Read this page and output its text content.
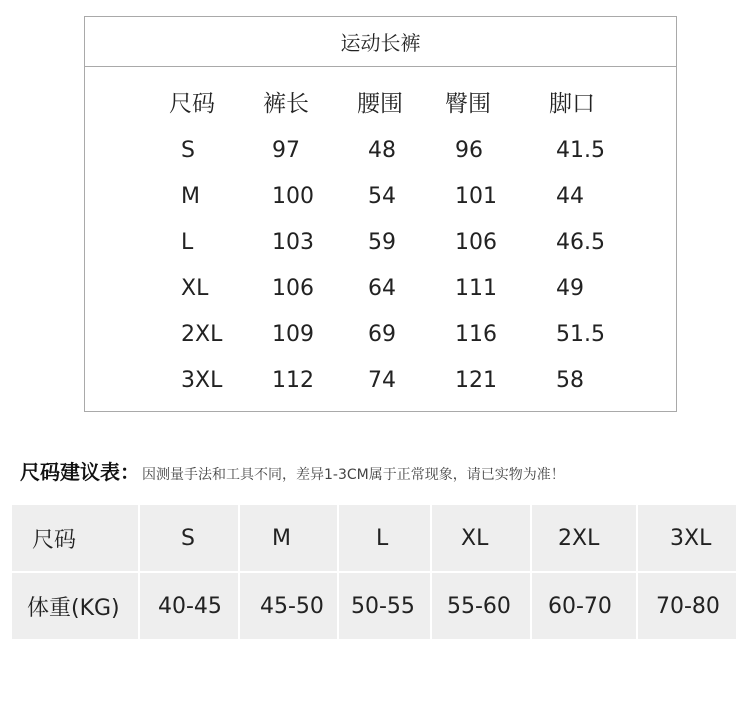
运动长裤
尺码 裤长 腰围 臀围	脚口
S	97	48	96	41.5
M	100 54	101	44
L	103 59	106	46.5
XL	106 64	111	49
2XL 109 69	116	51.5
3XL 112 74	121	58
尺码建议表： 因测量手法和工具不同，差异1-3CM属于正常现象，请已实物为准！
尺码	S	M	L	XL	2XL	3XL
体重(KG) 40-45 45-50 50-55 55-60 60-70 70-80
